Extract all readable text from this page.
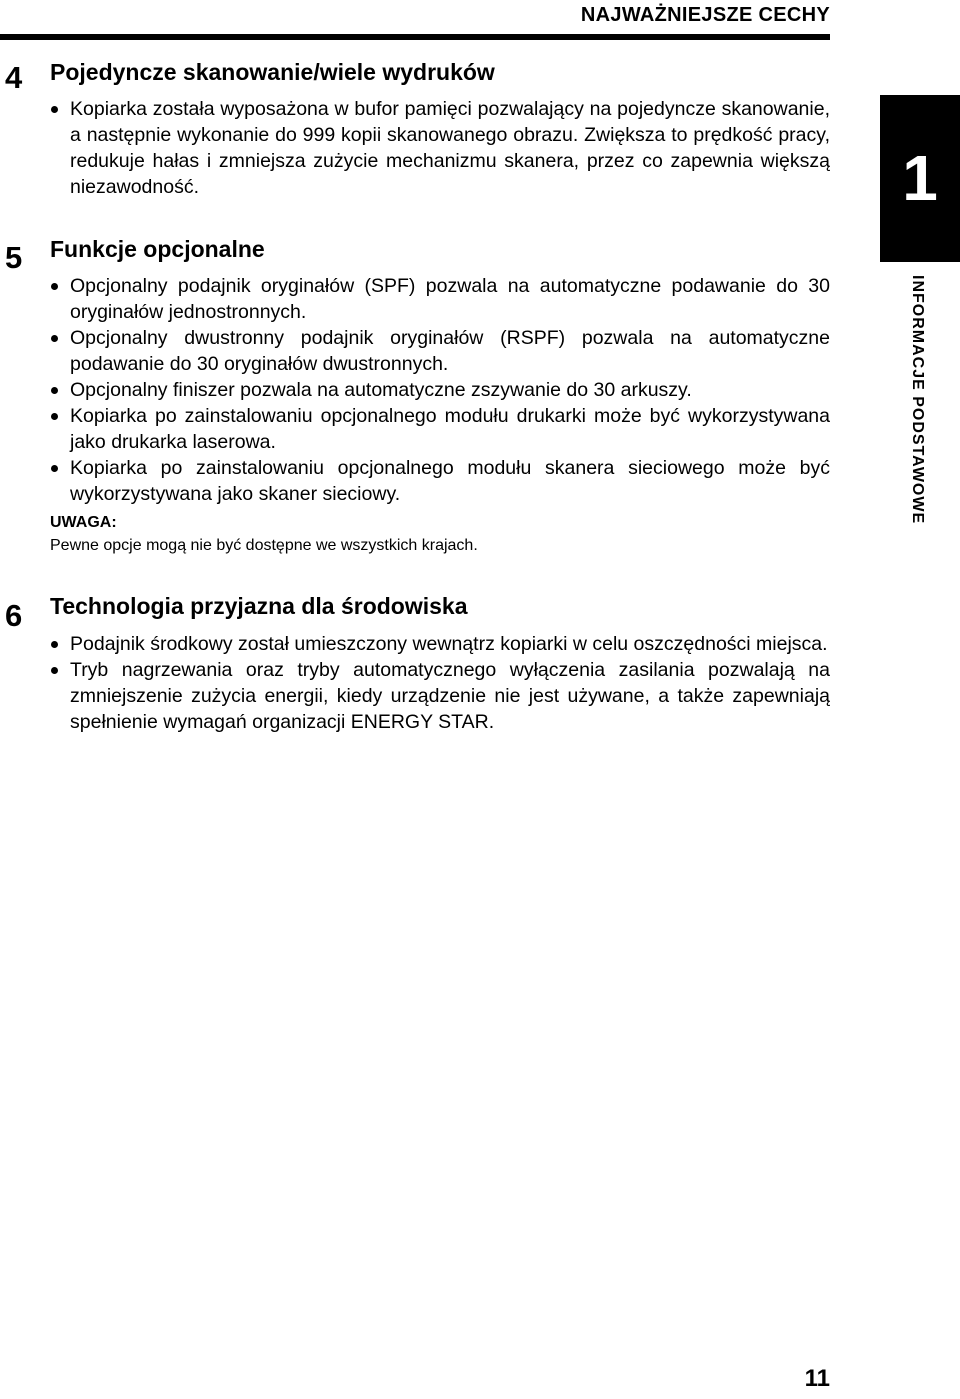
NAJWAŻNIEJSZE CECHY
1
INFORMACJE PODSTAWOWE
4 Pojedyncze skanowanie/wiele wydruków
Kopiarka została wyposażona w bufor pamięci pozwalający na pojedyncze skanowanie, a następnie wykonanie do 999 kopii skanowanego obrazu. Zwiększa to prędkość pracy, redukuje hałas i zmniejsza zużycie mechanizmu skanera, przez co zapewnia większą niezawodność.
5 Funkcje opcjonalne
Opcjonalny podajnik oryginałów (SPF) pozwala na automatyczne podawanie do 30 oryginałów jednostronnych.
Opcjonalny dwustronny podajnik oryginałów (RSPF) pozwala na automatyczne podawanie do 30 oryginałów dwustronnych.
Opcjonalny finiszer pozwala na automatyczne zszywanie do 30 arkuszy.
Kopiarka po zainstalowaniu opcjonalnego modułu drukarki może być wykorzystywana jako drukarka laserowa.
Kopiarka po zainstalowaniu opcjonalnego modułu skanera sieciowego może być wykorzystywana jako skaner sieciowy.
UWAGA:
Pewne opcje mogą nie być dostępne we wszystkich krajach.
6 Technologia przyjazna dla środowiska
Podajnik środkowy został umieszczony wewnątrz kopiarki w celu oszczędności miejsca.
Tryb nagrzewania oraz tryby automatycznego wyłączenia zasilania pozwalają na zmniejszenie zużycia energii, kiedy urządzenie nie jest używane, a także zapewniają spełnienie wymagań organizacji ENERGY STAR.
11
